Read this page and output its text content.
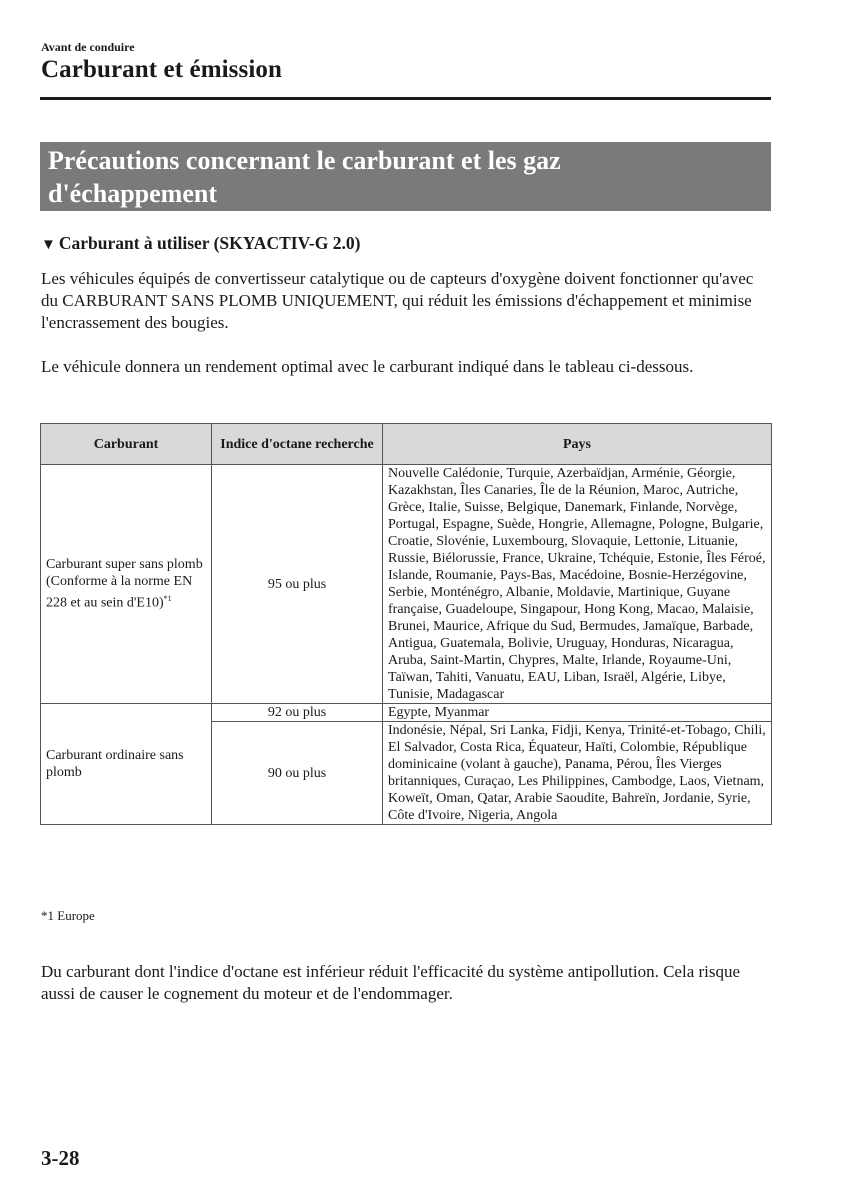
Avant de conduire
Carburant et émission
Précautions concernant le carburant et les gaz
d'échappement
▼ Carburant à utiliser (SKYACTIV-G 2.0)
Les véhicules équipés de convertisseur catalytique ou de capteurs d'oxygène doivent fonctionner qu'avec du CARBURANT SANS PLOMB UNIQUEMENT, qui réduit les émissions d'échappement et minimise l'encrassement des bougies.
Le véhicule donnera un rendement optimal avec le carburant indiqué dans le tableau ci-dessous.
Carburant	Indice d'octane recherche	Pays
Carburant super sans plomb (Conforme à la norme EN 228 et au sein d'E10)$^{*1}$	95 ou plus	Nouvelle Calédonie, Turquie, Azerbaïdjan, Arménie, Géorgie, Kazakhstan, Îles Canaries, Île de la Réunion, Maroc, Autriche, Grèce, Italie, Suisse, Belgique, Danemark, Finlande, Norvège, Portugal, Espagne, Suède, Hongrie, Allemagne, Pologne, Bulgarie, Croatie, Slovénie, Luxembourg, Slovaquie, Lettonie, Lituanie, Russie, Biélorussie, France, Ukraine, Tchéquie, Estonie, Îles Féroé, Islande, Roumanie, Pays-Bas, Macédoine, Bosnie-Herzégovine, Serbie, Monténégro, Albanie, Moldavie, Martinique, Guyane française, Guadeloupe, Singapour, Hong Kong, Macao, Malaisie, Brunei, Maurice, Afrique du Sud, Bermudes, Jamaïque, Barbade, Antigua, Guatemala, Bolivie, Uruguay, Honduras, Nicaragua, Aruba, Saint-Martin, Chypres, Malte, Irlande, Royaume-Uni, Taïwan, Tahiti, Vanuatu, EAU, Liban, Israël, Algérie, Libye, Tunisie, Madagascar
Carburant ordinaire sans plomb	92 ou plus	Egypte, Myanmar
	90 ou plus	Indonésie, Népal, Sri Lanka, Fidji, Kenya, Trinité-et-Tobago, Chili, El Salvador, Costa Rica, Équateur, Haïti, Colombie, République dominicaine (volant à gauche), Panama, Pérou, Îles Vierges britanniques, Curaçao, Les Philippines, Cambodge, Laos, Vietnam, Koweït, Oman, Qatar, Arabie Saoudite, Bahreïn, Jordanie, Syrie, Côte d'Ivoire, Nigeria, Angola
*1 Europe
Du carburant dont l'indice d'octane est inférieur réduit l'efficacité du système antipollution. Cela risque aussi de causer le cognement du moteur et de l'endommager.
3-28
